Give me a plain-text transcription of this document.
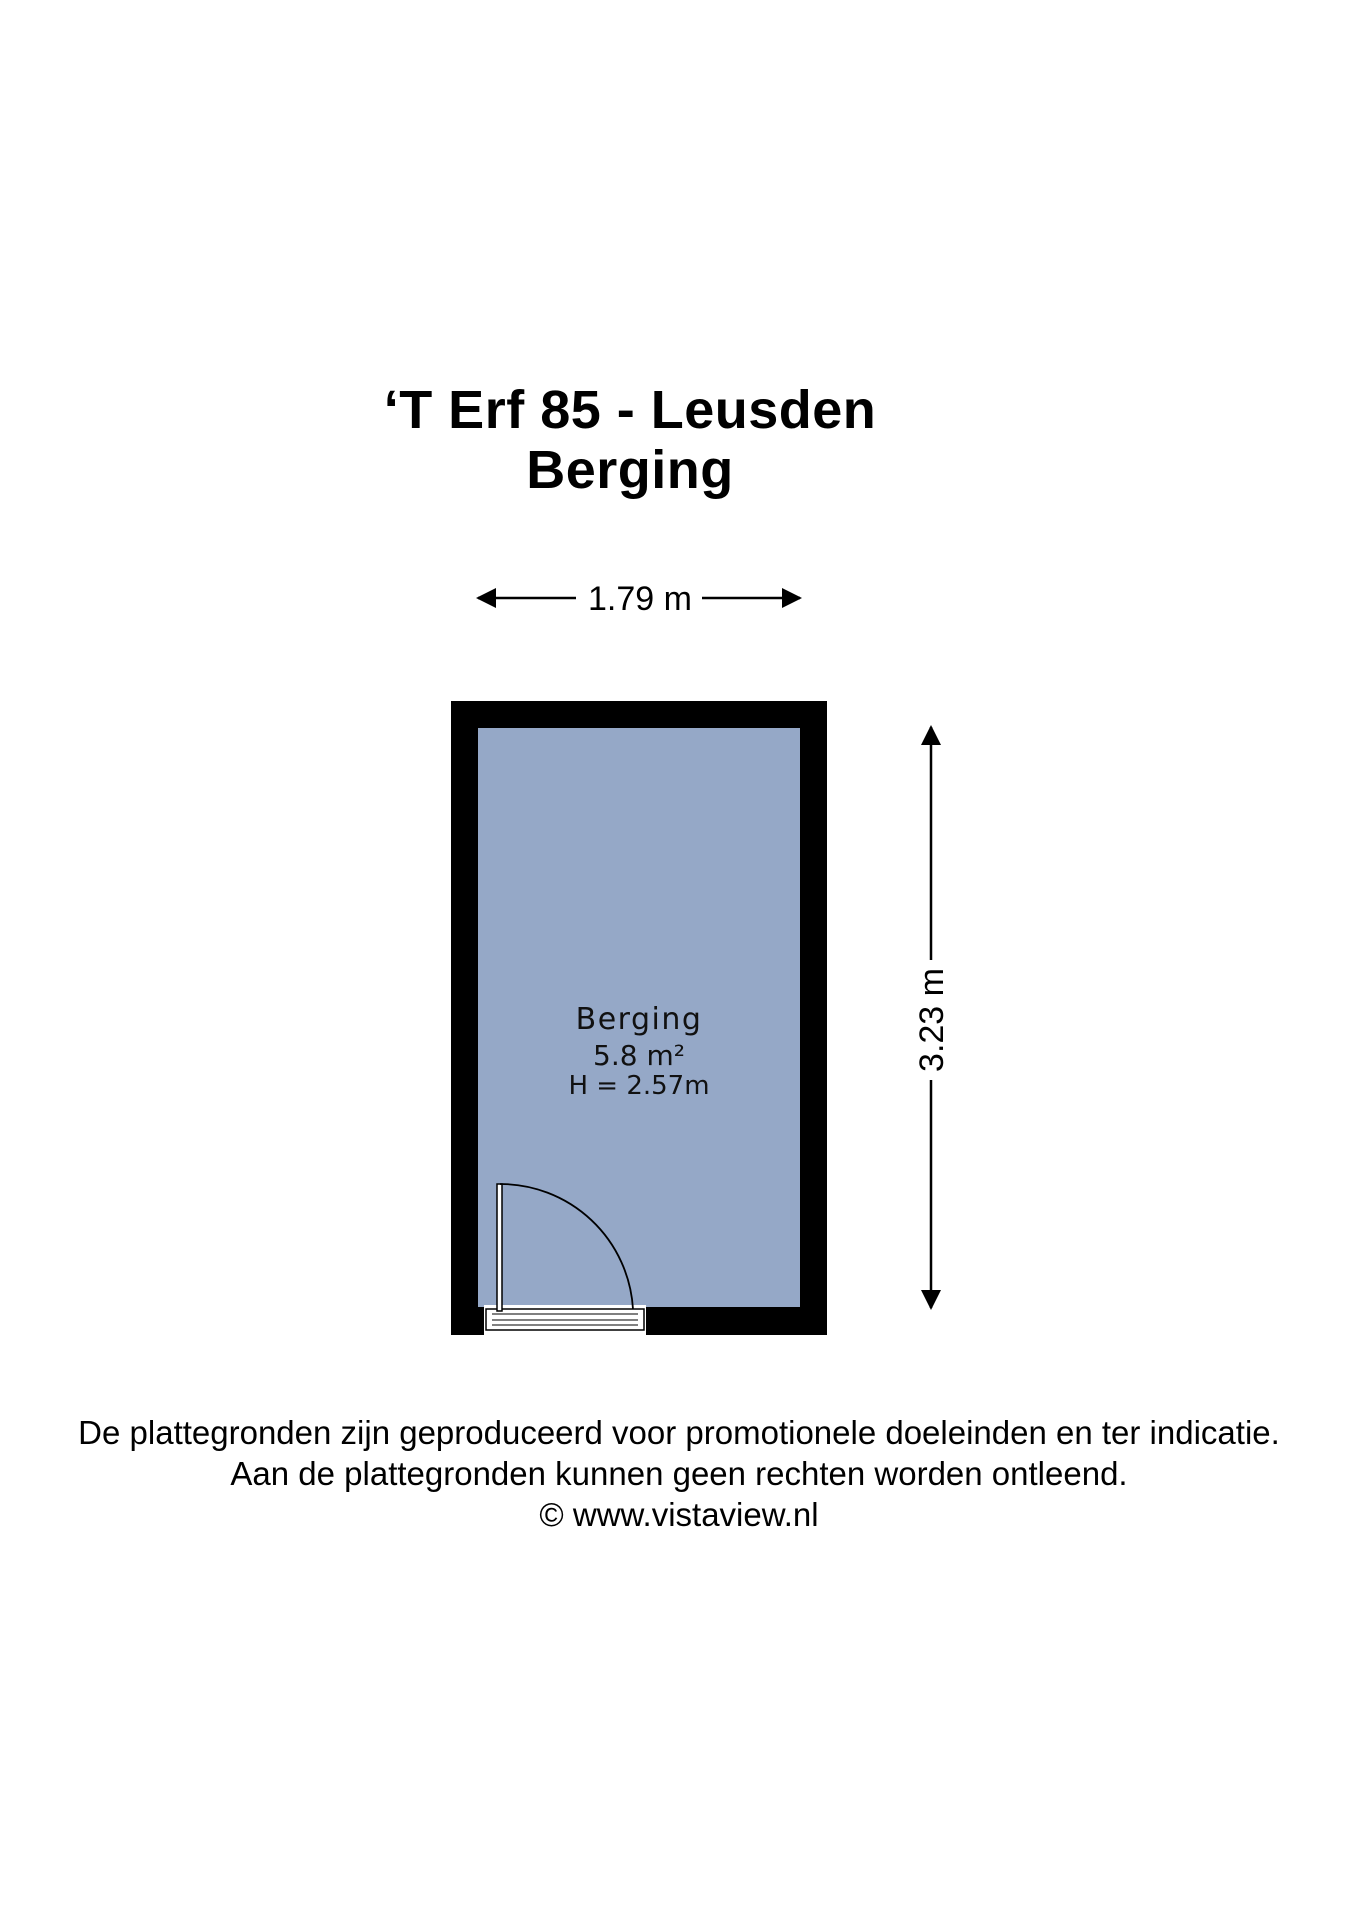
‘T Erf 85 - Leusden
Berging
1.79 m
3.23 m
Berging
5.8 m²
H = 2.57m
De plattegronden zijn geproduceerd voor promotionele doeleinden en ter indicatie.
Aan de plattegronden kunnen geen rechten worden ontleend.
© www.vistaview.nl
